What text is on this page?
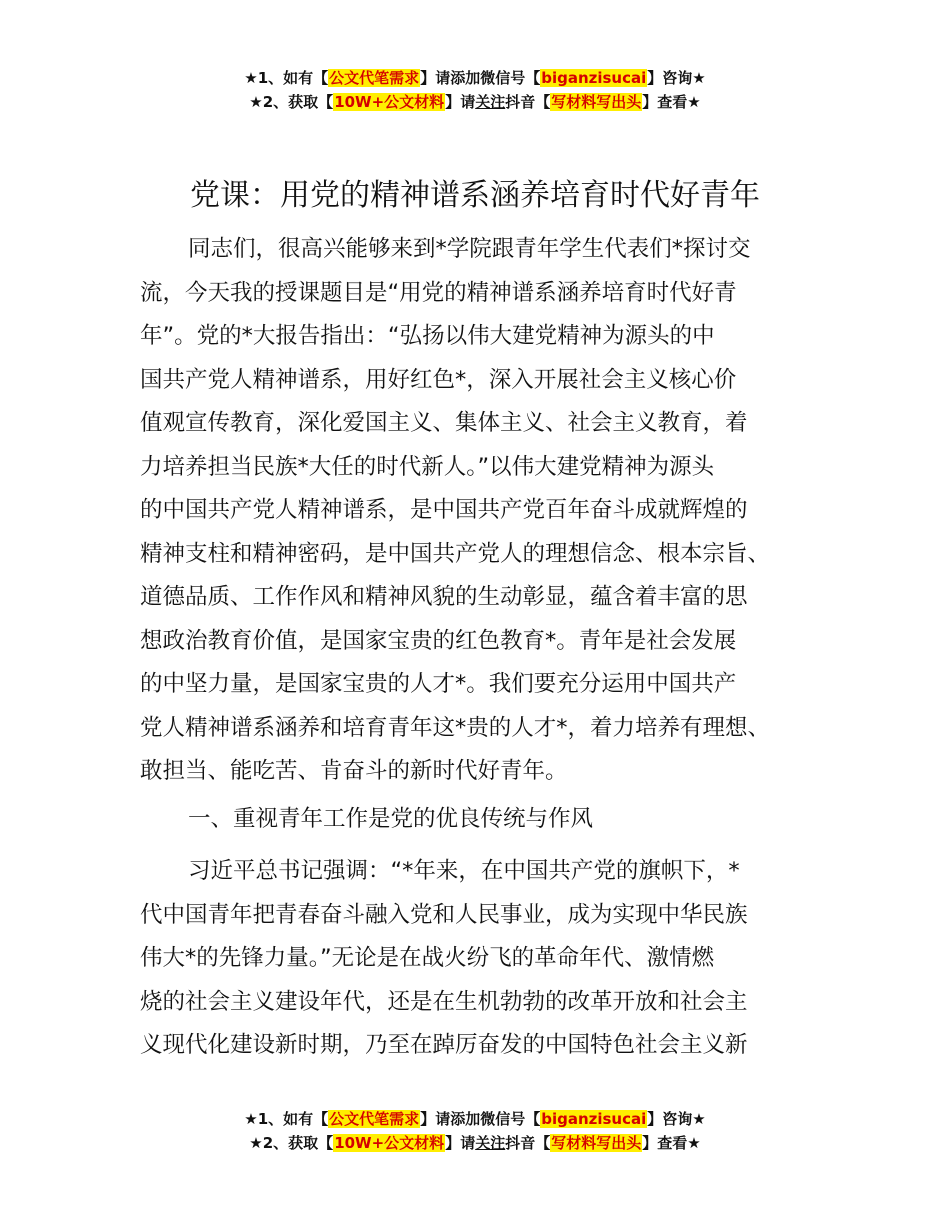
★1、如有【公文代笔需求】请添加微信号【biganzisucai】咨询★
★2、获取【10W+公文材料】请关注抖音【写材料写出头】查看★
党课：用党的精神谱系涵养培育时代好青年
同志们，很高兴能够来到*学院跟青年学生代表们*探讨交
流，今天我的授课题目是“用党的精神谱系涵养培育时代好青
年”。党的*大报告指出：“弘扬以伟大建党精神为源头的中
国共产党人精神谱系，用好红色*，深入开展社会主义核心价
值观宣传教育，深化爱国主义、集体主义、社会主义教育，着
力培养担当民族*大任的时代新人。”以伟大建党精神为源头
的中国共产党人精神谱系，是中国共产党百年奋斗成就辉煌的
精神支柱和精神密码，是中国共产党人的理想信念、根本宗旨、
道德品质、工作作风和精神风貌的生动彰显，蕴含着丰富的思
想政治教育价值，是国家宝贵的红色教育*。青年是社会发展
的中坚力量，是国家宝贵的人才*。我们要充分运用中国共产
党人精神谱系涵养和培育青年这*贵的人才*，着力培养有理想、
敢担当、能吃苦、肯奋斗的新时代好青年。
一、重视青年工作是党的优良传统与作风
习近平总书记强调：“*年来，在中国共产党的旗帜下，*
代中国青年把青春奋斗融入党和人民事业，成为实现中华民族
伟大*的先锋力量。”无论是在战火纷飞的革命年代、激情燃
烧的社会主义建设年代，还是在生机勃勃的改革开放和社会主
义现代化建设新时期，乃至在踔厉奋发的中国特色社会主义新
★1、如有【公文代笔需求】请添加微信号【biganzisucai】咨询★
★2、获取【10W+公文材料】请关注抖音【写材料写出头】查看★
